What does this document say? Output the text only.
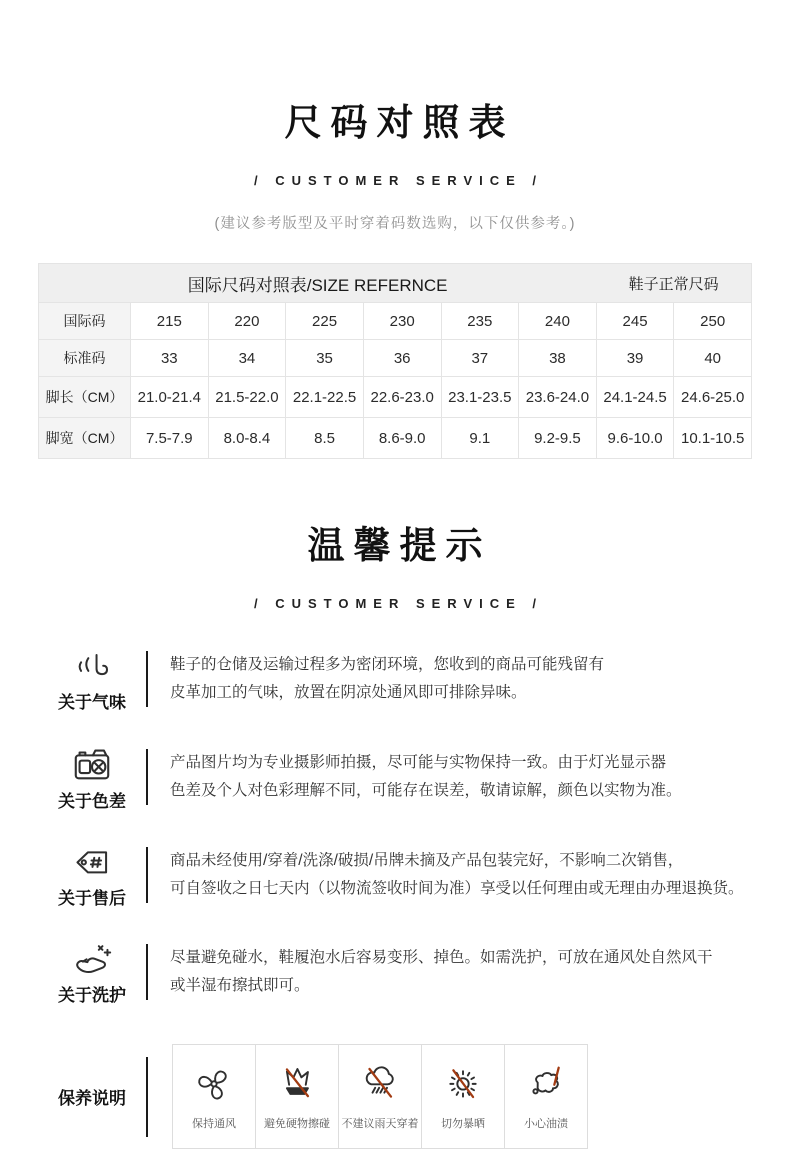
尺码对照表
/ CUSTOMER SERVICE /
(建议参考版型及平时穿着码数选购，以下仅供参考。)
国际尺码对照表/SIZE REFERNCE							鞋子正常尺码	
国际码	215	220	225	230	235	240	245	250
标准码	33	34	35	36	37	38	39	40
脚长（CM）	21.0-21.4	21.5-22.0	22.1-22.5	22.6-23.0	23.1-23.5	23.6-24.0	24.1-24.5	24.6-25.0
脚宽（CM）	7.5-7.9	8.0-8.4	8.5	8.6-9.0	9.1	9.2-9.5	9.6-10.0	10.1-10.5
温馨提示
/ CUSTOMER SERVICE /
关于气味
鞋子的仓储及运输过程多为密闭环境，您收到的商品可能残留有
皮革加工的气味，放置在阴凉处通风即可排除异味。
关于色差
产品图片均为专业摄影师拍摄，尽可能与实物保持一致。由于灯光显示器
色差及个人对色彩理解不同，可能存在误差，敬请谅解，颜色以实物为准。
关于售后
商品未经使用/穿着/洗涤/破损/吊牌未摘及产品包装完好，不影响二次销售，
可自签收之日七天内（以物流签收时间为准）享受以任何理由或无理由办理退换货。
关于洗护
尽量避免碰水，鞋履泡水后容易变形、掉色。如需洗护，可放在通风处自然风干
或半湿布擦拭即可。
保养说明
保持通风	避免硬物擦碰 不建议雨天穿着 切勿暴晒	小心油渍
